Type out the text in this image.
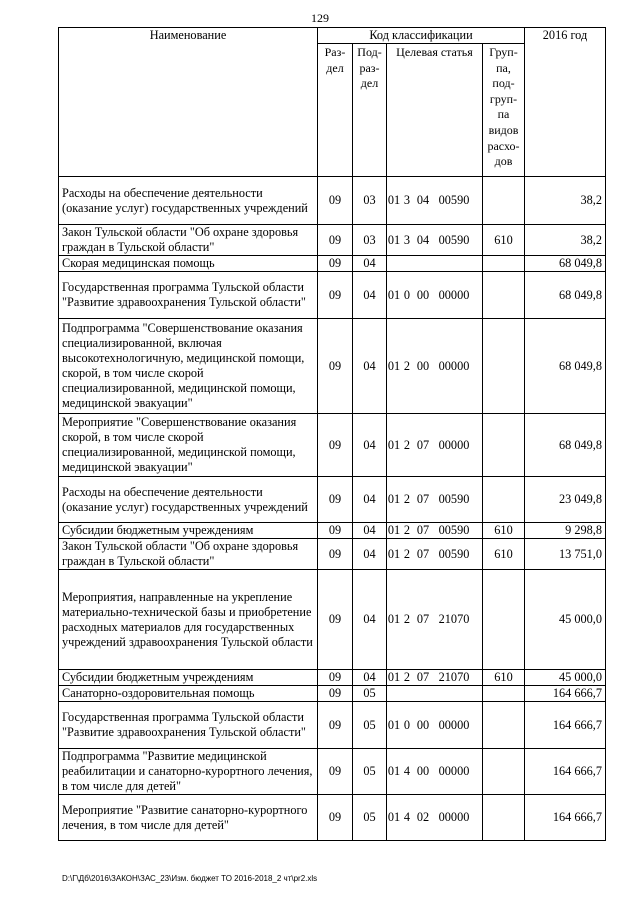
129
Наименование	Код классификации				2016 год
	Раз- дел	Под- раз- дел	Целевая статья	Груп- па, под- груп- па видов расхо- дов	
Расходы на обеспечение деятельности (оказание услуг) государственных учреждений	09	03	01 3 04 00590		38,2
Закон Тульской области "Об охране здоровья граждан в Тульской области"	09	03	01 3 04 00590	610	38,2
Скорая медицинская помощь	09	04			68 049,8
Государственная программа Тульской области "Развитие здравоохранения Тульской области"	09	04	01 0 00 00000		68 049,8
Подпрограмма "Совершенствование оказания специализированной, включая высокотехнологичную, медицинской помощи, скорой, в том числе скорой специализированной, медицинской помощи, медицинской эвакуации"	09	04	01 2 00 00000		68 049,8
Мероприятие "Совершенствование оказания скорой, в том числе скорой специализированной, медицинской помощи, медицинской эвакуации"	09	04	01 2 07 00000		68 049,8
Расходы на обеспечение деятельности (оказание услуг) государственных учреждений	09	04	01 2 07 00590		23 049,8
Субсидии бюджетным учреждениям	09	04	01 2 07 00590	610	9 298,8
Закон Тульской области "Об охране здоровья граждан в Тульской области"	09	04	01 2 07 00590	610	13 751,0
Мероприятия, направленные на укрепление материально-технической базы и приобретение расходных материалов для государственных учреждений здравоохранения Тульской области	09	04	01 2 07 21070		45 000,0
Субсидии бюджетным учреждениям	09	04	01 2 07 21070	610	45 000,0
Санаторно-оздоровительная помощь	09	05			164 666,7
Государственная программа Тульской области "Развитие здравоохранения Тульской области"	09	05	01 0 00 00000		164 666,7
Подпрограмма "Развитие медицинской реабилитации и санаторно-курортного лечения, в том числе для детей"	09	05	01 4 00 00000		164 666,7
Мероприятие "Развитие санаторно-курортного лечения, в том числе для детей"	09	05	01 4 02 00000		164 666,7
D:\Г\Дб\2016\ЗАКОН\ЗАС_23\Изм. бюджет ТО 2016-2018_2 чт\pr2.xls
